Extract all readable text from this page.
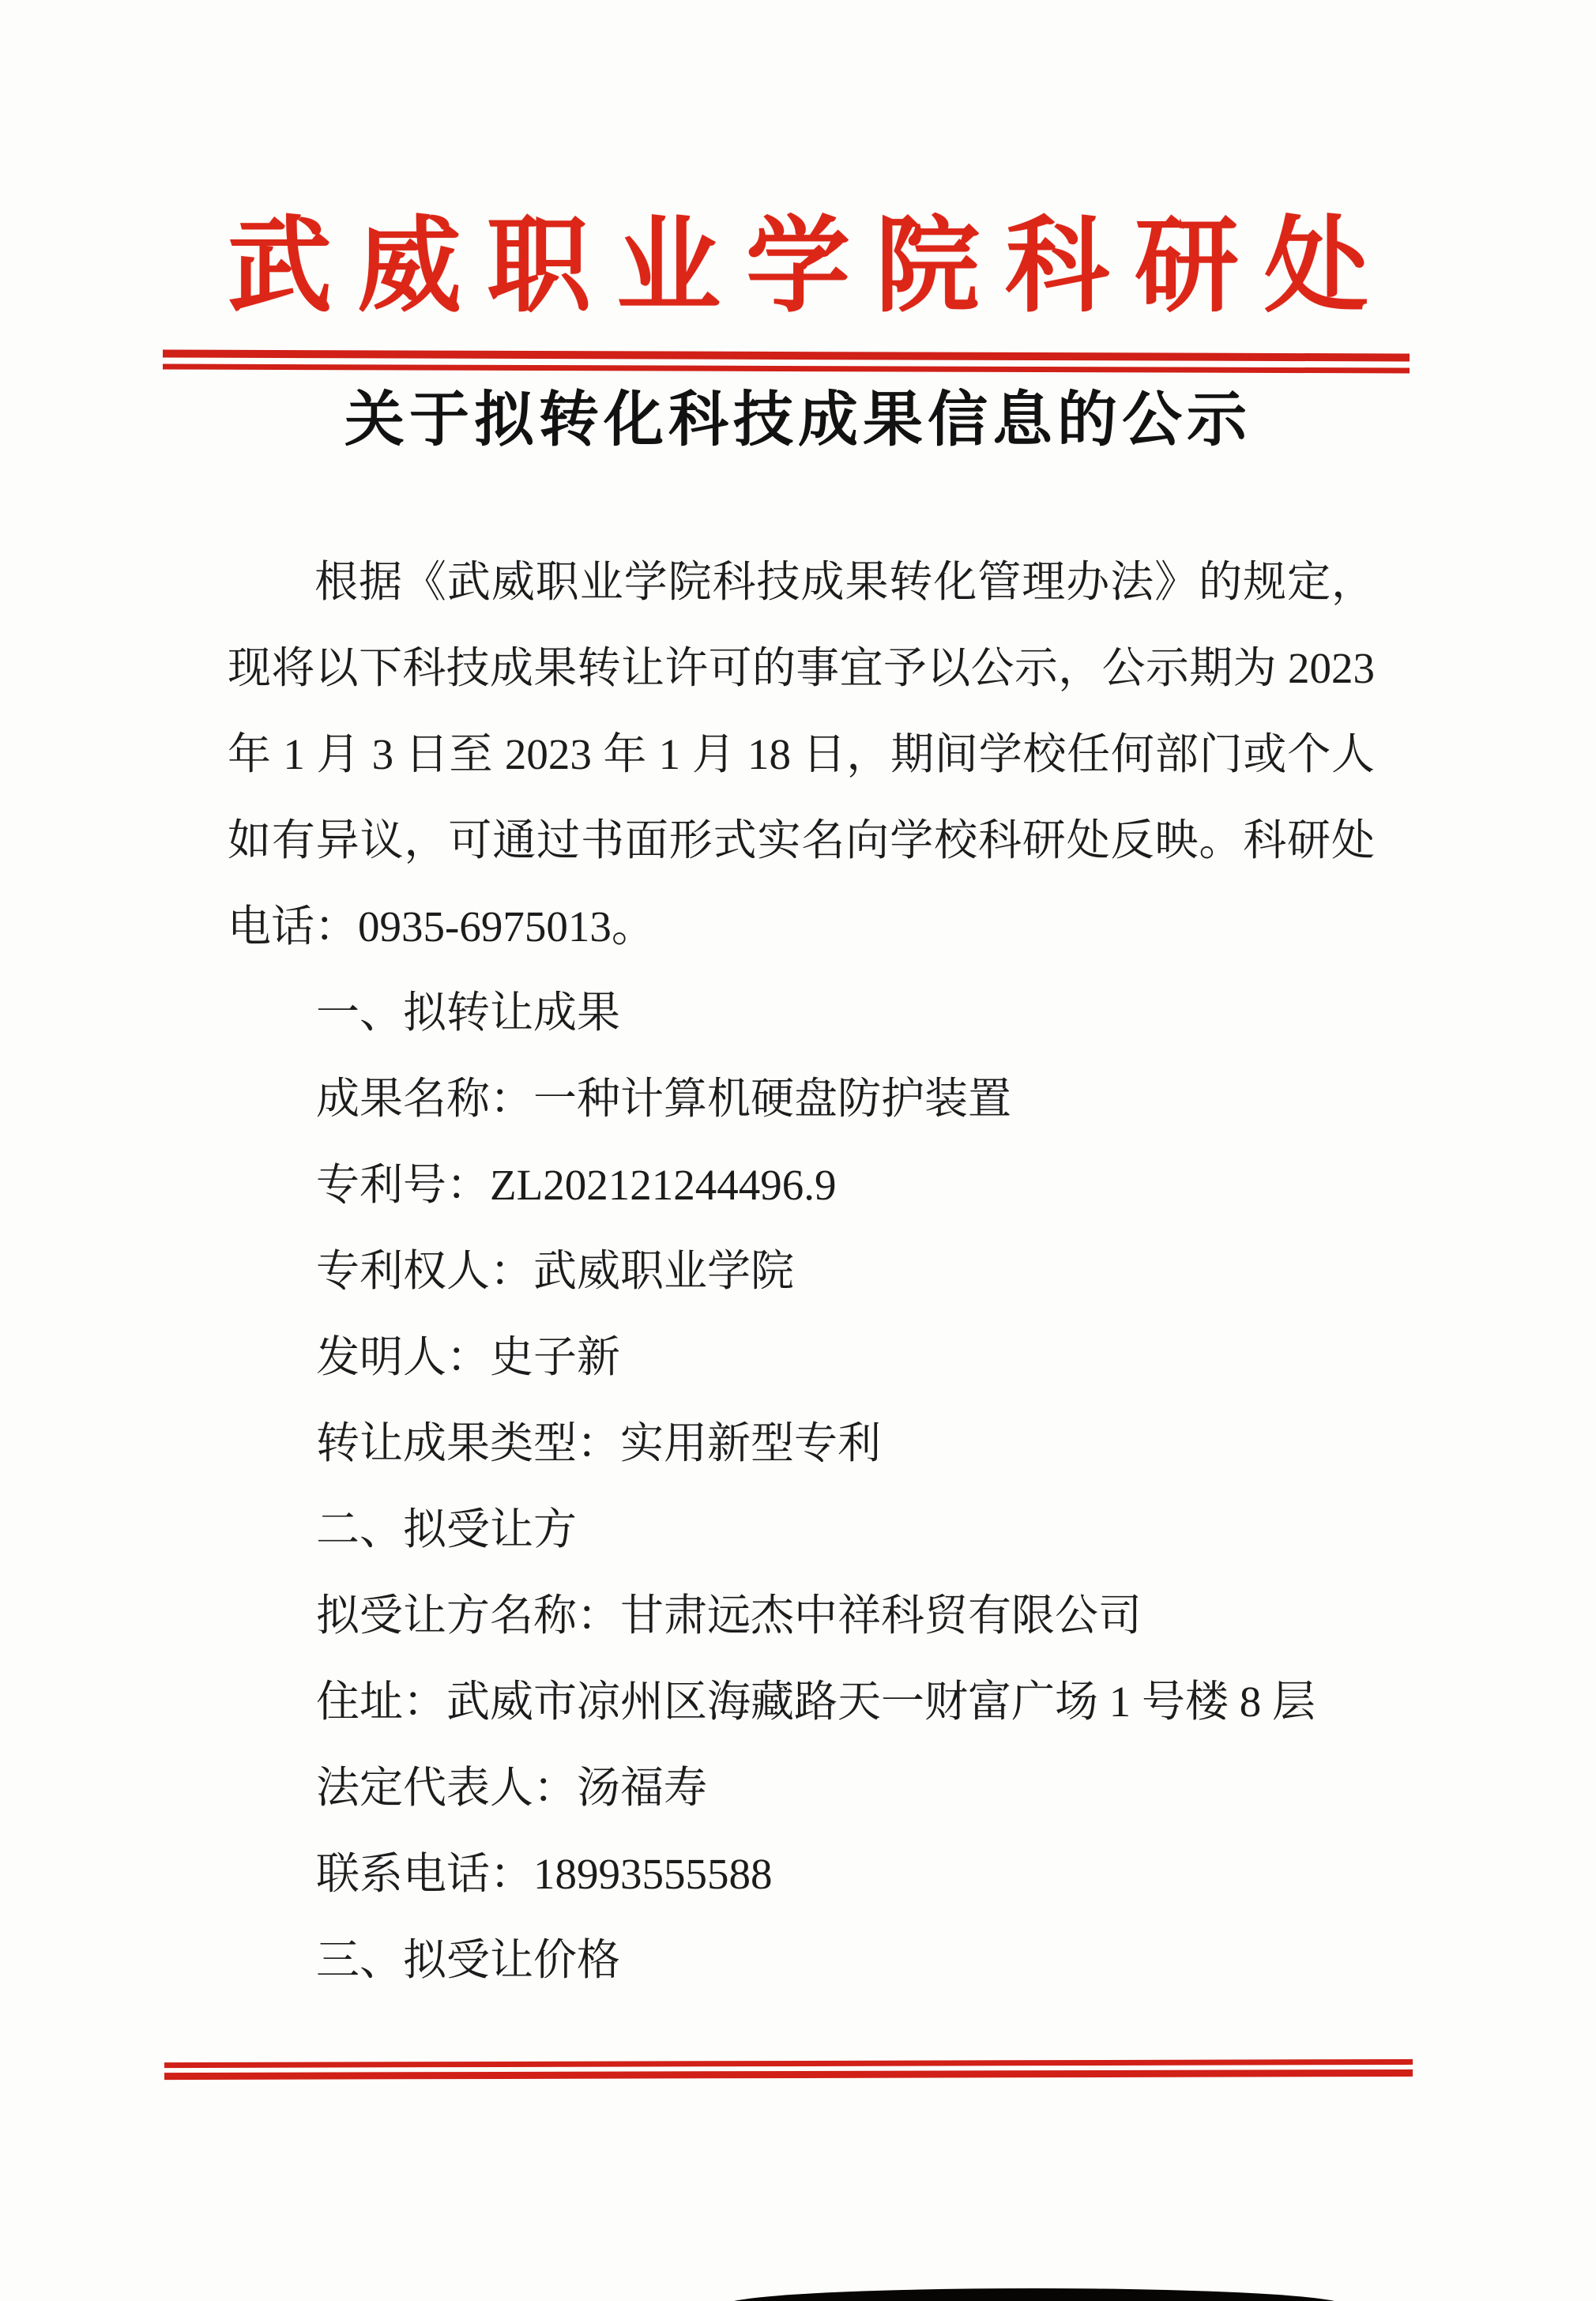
武威职业学院科研处
关于拟转化科技成果信息的公示
根据《武威职业学院科技成果转化管理办法》的规定，
现将以下科技成果转让许可的事宜予以公示，公示期为 2023
年 1 月 3 日至 2023 年 1 月 18 日，期间学校任何部门或个人
如有异议，可通过书面形式实名向学校科研处反映。科研处
电话：0935-6975013。
一、拟转让成果
成果名称：一种计算机硬盘防护装置
专利号：ZL202121244496.9
专利权人：武威职业学院
发明人：史子新
转让成果类型：实用新型专利
二、拟受让方
拟受让方名称：甘肃远杰中祥科贸有限公司
住址：武威市凉州区海藏路天一财富广场 1 号楼 8 层
法定代表人：汤福寿
联系电话：18993555588
三、拟受让价格
